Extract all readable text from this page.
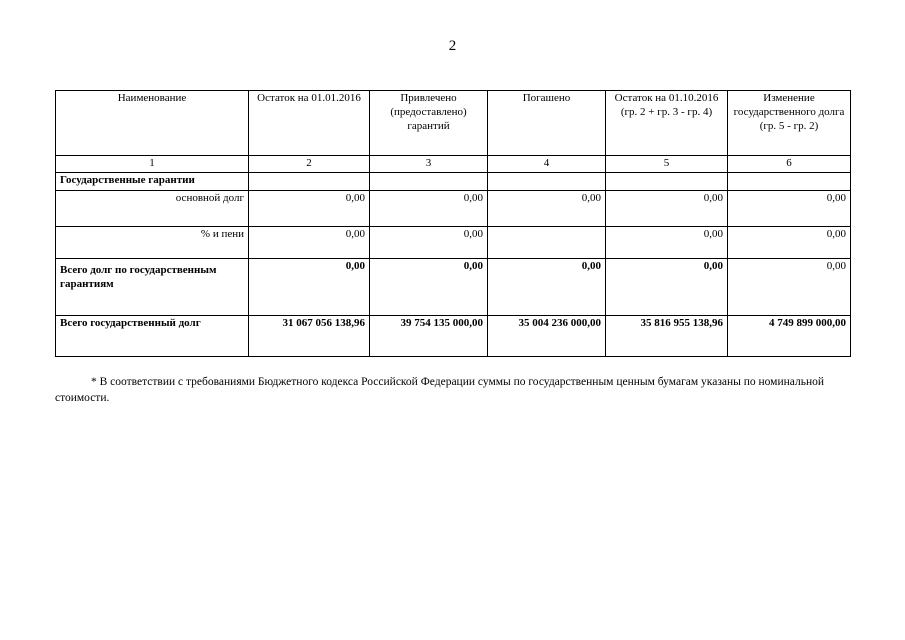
2
Наименование	Остаток на 01.01.2016	Привлечено (предоставлено) гарантий	Погашено	Остаток на 01.10.2016 (гр. 2 + гр. 3 - гр. 4)	Изменение государственного долга (гр. 5 - гр. 2)
1	2	3	4	5	6
Государственные гарантии					
основной долг	0,00	0,00	0,00	0,00	0,00
% и пени	0,00	0,00		0,00	0,00
Всего долг по государственным гарантиям	0,00	0,00	0,00	0,00	0,00
Всего государственный долг	31 067 056 138,96	39 754 135 000,00	35 004 236 000,00	35 816 955 138,96	4 749 899 000,00
* В соответствии с требованиями Бюджетного кодекса Российской Федерации суммы по государственным ценным бумагам указаны по номинальной стоимости.
